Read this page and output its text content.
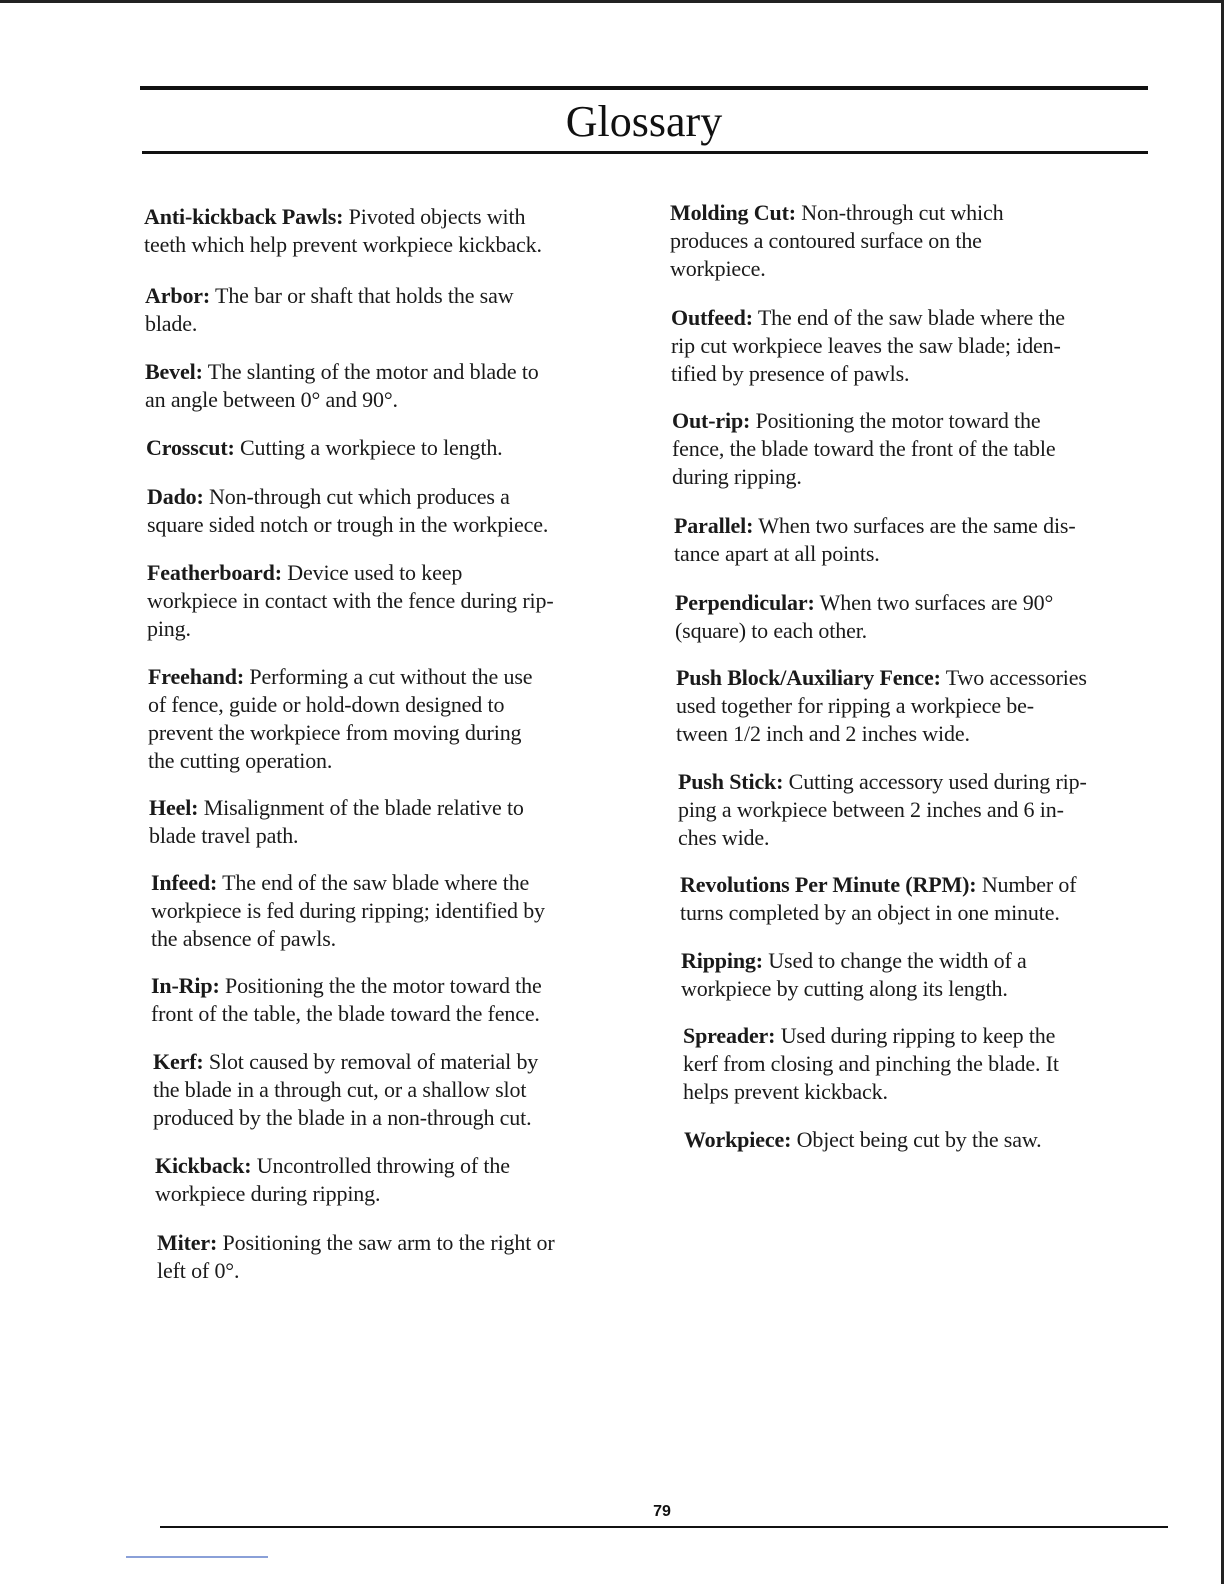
Glossary

Anti-kickback Pawls: Pivoted objects with
teeth which help prevent workpiece kickback.

Arbor: The bar or shaft that holds the saw
blade.

Bevel: The slanting of the motor and blade to
an angle between 0° and 90°.

Crosscut: Cutting a workpiece to length.

Dado: Non-through cut which produces a
square sided notch or trough in the workpiece.

Featherboard: Device used to keep
workpiece in contact with the fence during rip-
ping.

Freehand: Performing a cut without the use
of fence, guide or hold-down designed to
prevent the workpiece from moving during
the cutting operation.

Heel: Misalignment of the blade relative to
blade travel path.

Infeed: The end of the saw blade where the
workpiece is fed during ripping; identified by
the absence of pawls.

In-Rip: Positioning the the motor toward the
front of the table, the blade toward the fence.

Kerf: Slot caused by removal of material by
the blade in a through cut, or a shallow slot
produced by the blade in a non-through cut.

Kickback: Uncontrolled throwing of the
workpiece during ripping.

Miter: Positioning the saw arm to the right or
left of 0°.

Molding Cut: Non-through cut which
produces a contoured surface on the
workpiece.

Outfeed: The end of the saw blade where the
rip cut workpiece leaves the saw blade; iden-
tified by presence of pawls.

Out-rip: Positioning the motor toward the
fence, the blade toward the front of the table
during ripping.

Parallel: When two surfaces are the same dis-
tance apart at all points.

Perpendicular: When two surfaces are 90°
(square) to each other.

Push Block/Auxiliary Fence: Two accessories
used together for ripping a workpiece be-
tween 1/2 inch and 2 inches wide.

Push Stick: Cutting accessory used during rip-
ping a workpiece between 2 inches and 6 in-
ches wide.

Revolutions Per Minute (RPM): Number of
turns completed by an object in one minute.

Ripping: Used to change the width of a
workpiece by cutting along its length.

Spreader: Used during ripping to keep the
kerf from closing and pinching the blade. It
helps prevent kickback.

Workpiece: Object being cut by the saw.

79
